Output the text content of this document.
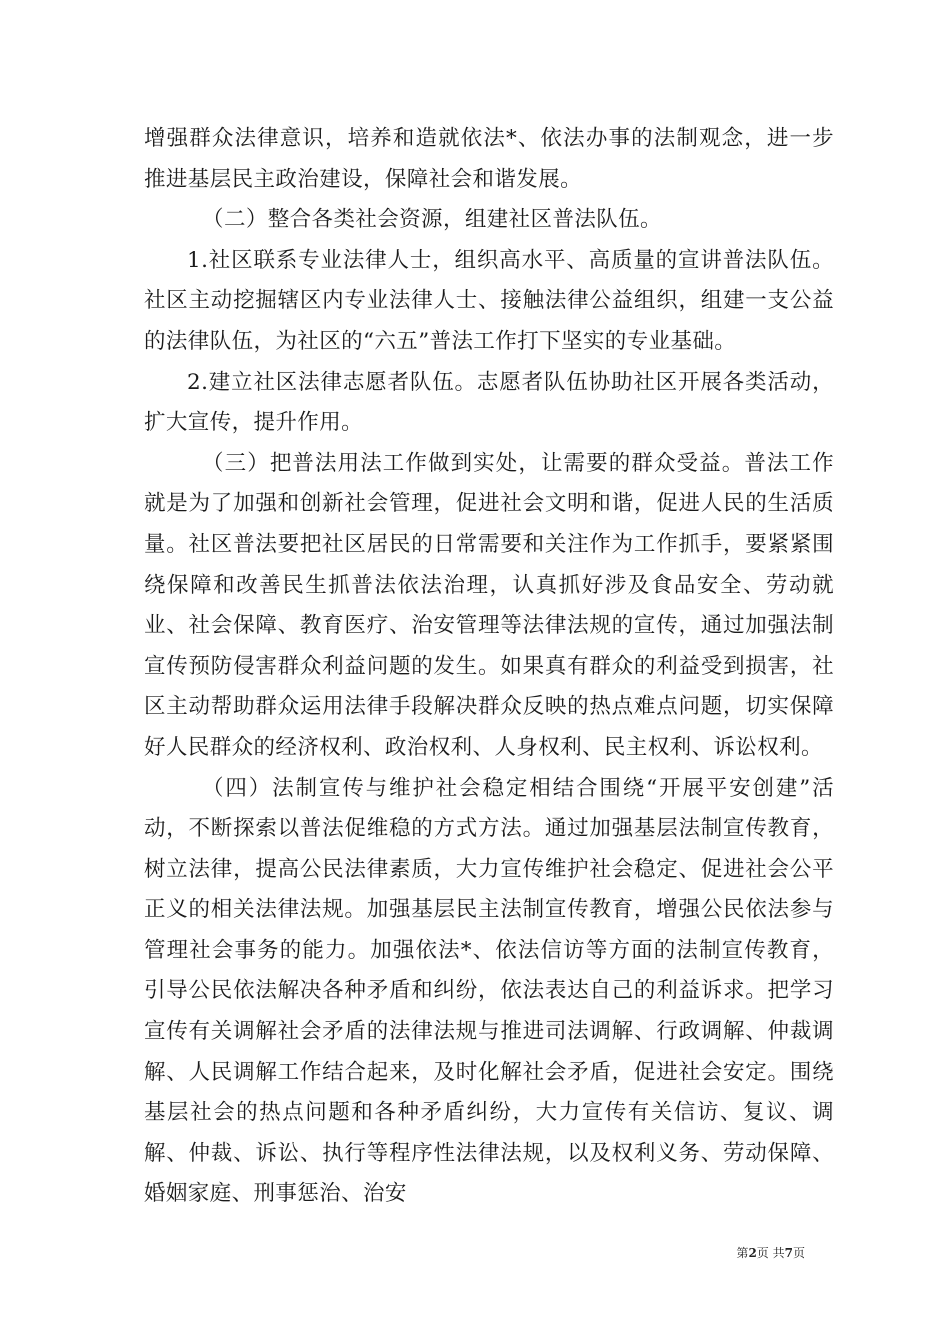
增强群众法律意识，培养和造就依法*、依法办事的法制观念，进一步推进基层民主政治建设，保障社会和谐发展。

（二）整合各类社会资源，组建社区普法队伍。

1.社区联系专业法律人士，组织高水平、高质量的宣讲普法队伍。社区主动挖掘辖区内专业法律人士、接触法律公益组织，组建一支公益的法律队伍，为社区的“六五”普法工作打下坚实的专业基础。

2.建立社区法律志愿者队伍。志愿者队伍协助社区开展各类活动，扩大宣传，提升作用。

（三）把普法用法工作做到实处，让需要的群众受益。普法工作就是为了加强和创新社会管理，促进社会文明和谐，促进人民的生活质量。社区普法要把社区居民的日常需要和关注作为工作抓手，要紧紧围绕保障和改善民生抓普法依法治理，认真抓好涉及食品安全、劳动就业、社会保障、教育医疗、治安管理等法律法规的宣传，通过加强法制宣传预防侵害群众利益问题的发生。如果真有群众的利益受到损害，社区主动帮助群众运用法律手段解决群众反映的热点难点问题，切实保障好人民群众的经济权利、政治权利、人身权利、民主权利、诉讼权利。

（四）法制宣传与维护社会稳定相结合围绕“开展平安创建”活动，不断探索以普法促维稳的方式方法。通过加强基层法制宣传教育，树立法律，提高公民法律素质，大力宣传维护社会稳定、促进社会公平正义的相关法律法规。加强基层民主法制宣传教育，增强公民依法参与管理社会事务的能力。加强依法*、依法信访等方面的法制宣传教育，引导公民依法解决各种矛盾和纠纷，依法表达自己的利益诉求。把学习宣传有关调解社会矛盾的法律法规与推进司法调解、行政调解、仲裁调解、人民调解工作结合起来，及时化解社会矛盾，促进社会安定。围绕基层社会的热点问题和各种矛盾纠纷，大力宣传有关信访、复议、调解、仲裁、诉讼、执行等程序性法律法规，以及权利义务、劳动保障、婚姻家庭、刑事惩治、治安

第2页 共7页
